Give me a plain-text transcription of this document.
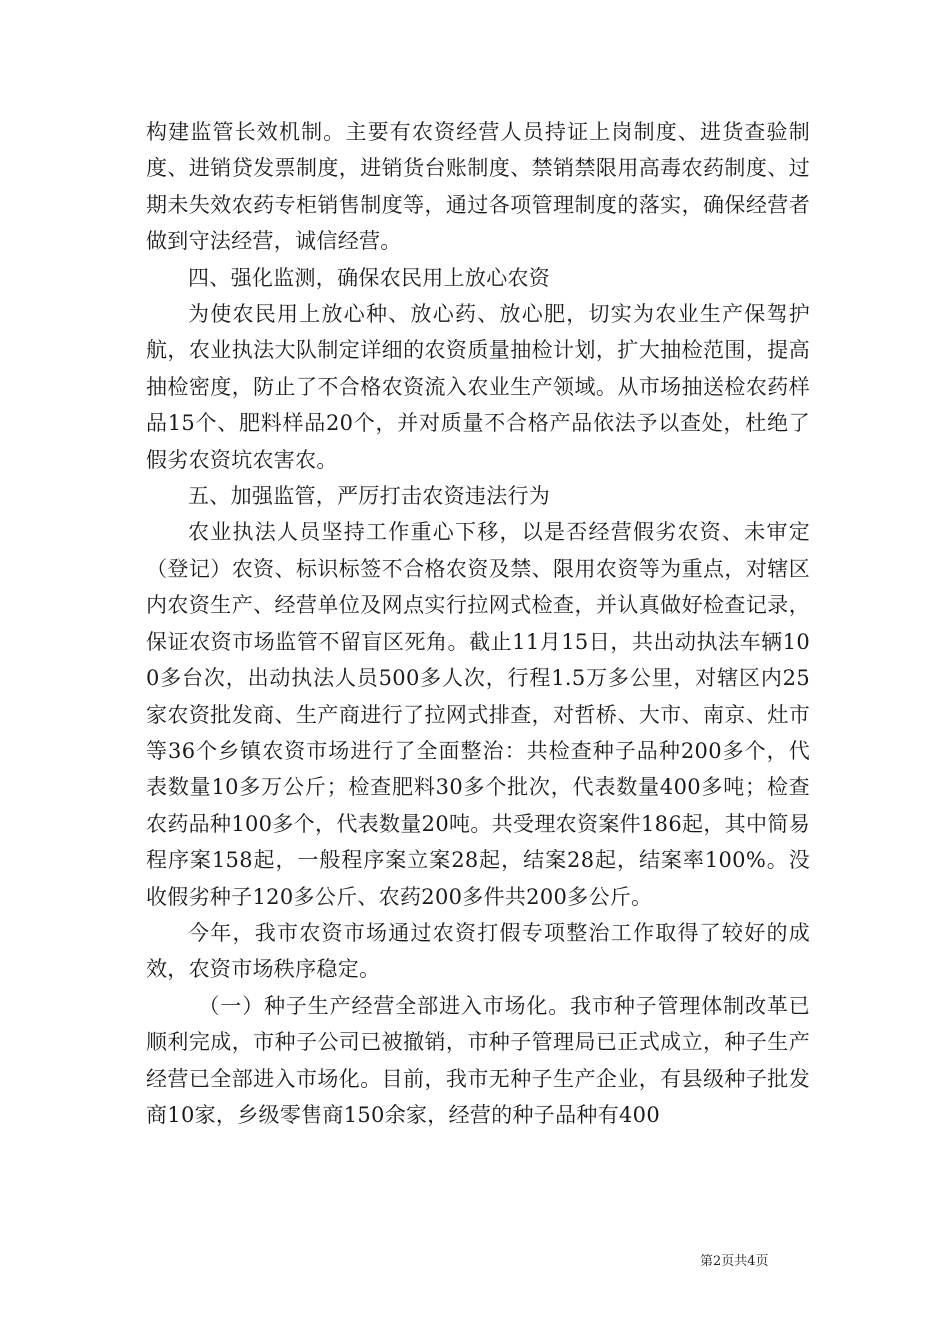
构建监管长效机制。主要有农资经营人员持证上岗制度、进货查验制度、进销贷发票制度，进销货台账制度、禁销禁限用高毒农药制度、过期未失效农药专柜销售制度等，通过各项管理制度的落实，确保经营者做到守法经营，诚信经营。

四、强化监测，确保农民用上放心农资

为使农民用上放心种、放心药、放心肥，切实为农业生产保驾护航，农业执法大队制定详细的农资质量抽检计划，扩大抽检范围，提高抽检密度，防止了不合格农资流入农业生产领域。从市场抽送检农药样品15个、肥料样品20个，并对质量不合格产品依法予以查处，杜绝了假劣农资坑农害农。

五、加强监管，严厉打击农资违法行为

农业执法人员坚持工作重心下移，以是否经营假劣农资、未审定（登记）农资、标识标签不合格农资及禁、限用农资等为重点，对辖区内农资生产、经营单位及网点实行拉网式检查，并认真做好检查记录，保证农资市场监管不留盲区死角。截止11月15日，共出动执法车辆100多台次，出动执法人员500多人次，行程1.5万多公里，对辖区内25家农资批发商、生产商进行了拉网式排查，对哲桥、大市、南京、灶市等36个乡镇农资市场进行了全面整治：共检查种子品种200多个，代表数量10多万公斤；检查肥料30多个批次，代表数量400多吨；检查农药品种100多个，代表数量20吨。共受理农资案件186起，其中简易程序案158起，一般程序案立案28起，结案28起，结案率100%。没收假劣种子120多公斤、农药200多件共200多公斤。

今年，我市农资市场通过农资打假专项整治工作取得了较好的成效，农资市场秩序稳定。

（一）种子生产经营全部进入市场化。我市种子管理体制改革已顺利完成，市种子公司已被撤销，市种子管理局已正式成立，种子生产经营已全部进入市场化。目前，我市无种子生产企业，有县级种子批发商10家，乡级零售商150余家，经营的种子品种有400

第2页共4页
